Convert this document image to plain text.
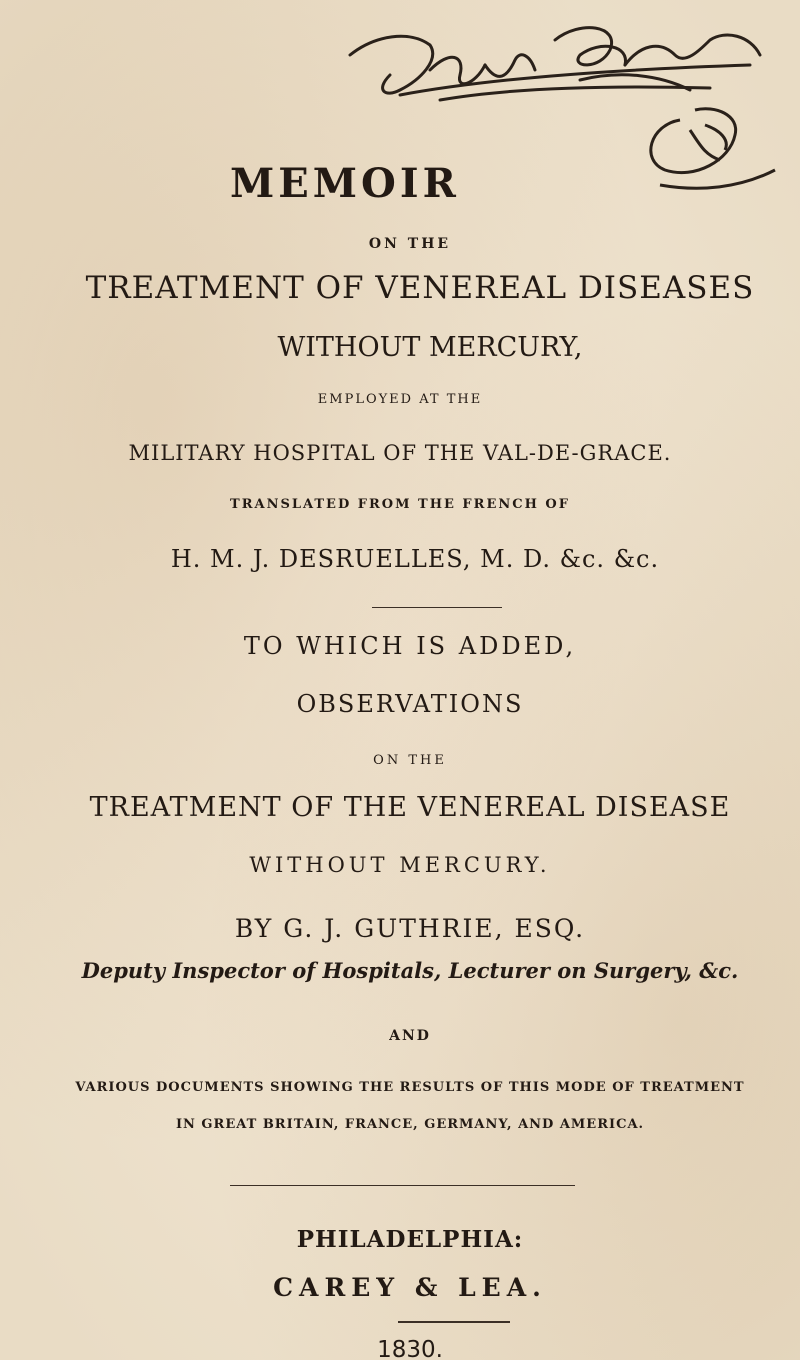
MEMOIR
ON THE
TREATMENT OF VENEREAL DISEASES
WITHOUT MERCURY,
EMPLOYED AT THE
MILITARY HOSPITAL OF THE VAL-DE-GRACE.
TRANSLATED FROM THE FRENCH OF
H. M. J. DESRUELLES, M. D. &c. &c.
TO WHICH IS ADDED,
OBSERVATIONS
ON THE
TREATMENT OF THE VENEREAL DISEASE
WITHOUT MERCURY.
BY G. J. GUTHRIE, ESQ.
Deputy Inspector of Hospitals, Lecturer on Surgery, &c.
AND
VARIOUS DOCUMENTS SHOWING THE RESULTS OF THIS MODE OF TREATMENT
IN GREAT BRITAIN, FRANCE, GERMANY, AND AMERICA.
PHILADELPHIA:
CAREY & LEA.
1830.
